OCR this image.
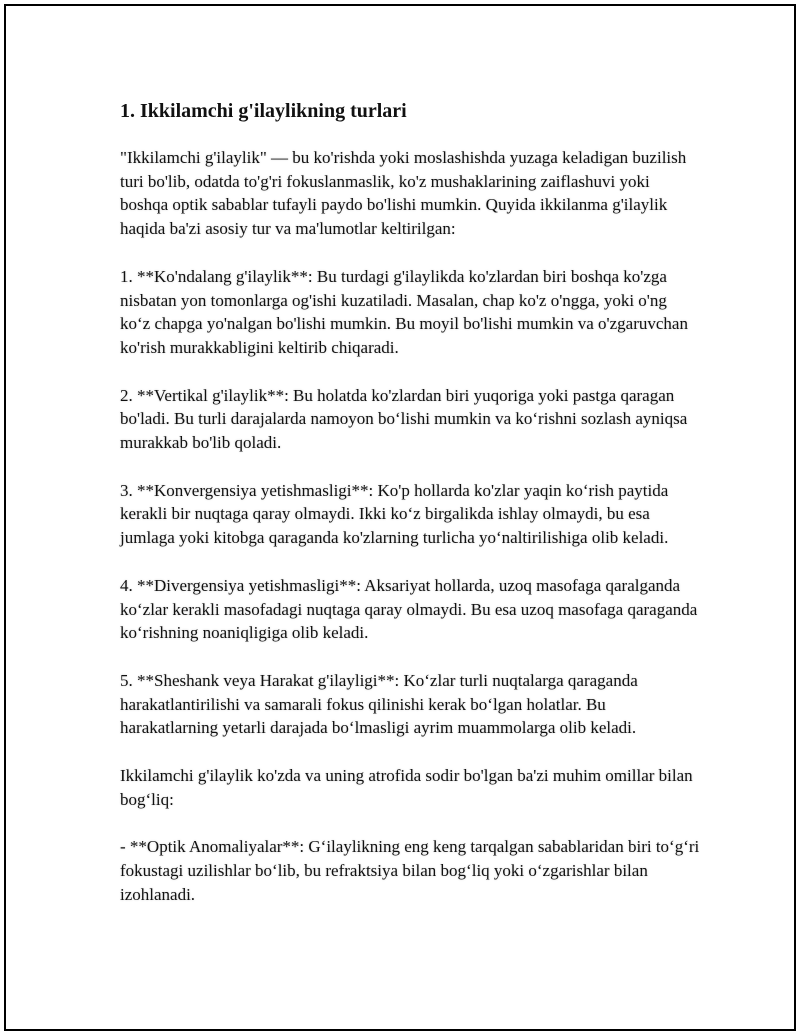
1. Ikkilamchi g'ilaylikning turlari

"Ikkilamchi g'ilaylik" — bu ko'rishda yoki moslashishda yuzaga keladigan buzilish turi bo'lib, odatda to'g'ri fokuslanmaslik, ko'z mushaklarining zaiflashuvi yoki boshqa optik sabablar tufayli paydo bo'lishi mumkin. Quyida ikkilanma g'ilaylik haqida ba'zi asosiy tur va ma'lumotlar keltirilgan:

1. **Ko'ndalang g'ilaylik**: Bu turdagi g'ilaylikda ko'zlardan biri boshqa ko'zga nisbatan yon tomonlarga og'ishi kuzatiladi. Masalan, chap ko'z o'ngga, yoki o'ng ko‘z chapga yo'nalgan bo'lishi mumkin. Bu moyil bo'lishi mumkin va o'zgaruvchan ko'rish murakkabligini keltirib chiqaradi.

2. **Vertikal g'ilaylik**: Bu holatda ko'zlardan biri yuqoriga yoki pastga qaragan bo'ladi. Bu turli darajalarda namoyon bo‘lishi mumkin va ko‘rishni sozlash ayniqsa murakkab bo'lib qoladi.

3. **Konvergensiya yetishmasligi**: Ko'p hollarda ko'zlar yaqin ko‘rish paytida kerakli bir nuqtaga qaray olmaydi. Ikki ko‘z birgalikda ishlay olmaydi, bu esa jumlaga yoki kitobga qaraganda ko'zlarning turlicha yo‘naltirilishiga olib keladi.

4. **Divergensiya yetishmasligi**: Aksariyat hollarda, uzoq masofaga qaralganda ko‘zlar kerakli masofadagi nuqtaga qaray olmaydi. Bu esa uzoq masofaga qaraganda ko‘rishning noaniqligiga olib keladi.

5. **Sheshank veya Harakat g'ilayligi**: Ko‘zlar turli nuqtalarga qaraganda harakatlantirilishi va samarali fokus qilinishi kerak bo‘lgan holatlar. Bu harakatlarning yetarli darajada bo‘lmasligi ayrim muammolarga olib keladi.

Ikkilamchi g'ilaylik ko'zda va uning atrofida sodir bo'lgan ba'zi muhim omillar bilan bog‘liq:

- **Optik Anomaliyalar**: G‘ilaylikning eng keng tarqalgan sabablaridan biri to‘g‘ri fokustagi uzilishlar bo‘lib, bu refraktsiya bilan bog‘liq yoki o‘zgarishlar bilan izohlanadi.
